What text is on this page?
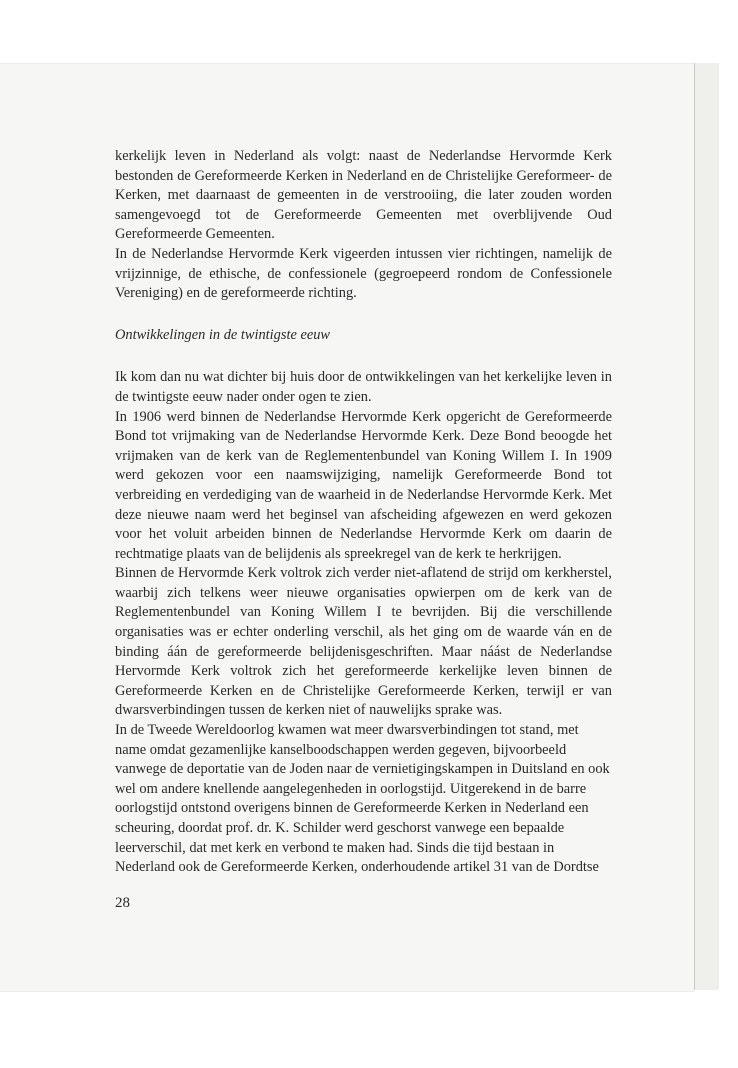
kerkelijk leven in Nederland als volgt: naast de Nederlandse Hervormde Kerk bestonden de Gereformeerde Kerken in Nederland en de Christelijke Gereformeer- de Kerken, met daarnaast de gemeenten in de verstrooiing, die later zouden worden samengevoegd tot de Gereformeerde Gemeenten met overblijvende Oud Gereformeerde Gemeenten.

In de Nederlandse Hervormde Kerk vigeerden intussen vier richtingen, namelijk de vrijzinnige, de ethische, de confessionele (gegroepeerd rondom de Confessionele Vereniging) en de gereformeerde richting.

Ontwikkelingen in de twintigste eeuw

Ik kom dan nu wat dichter bij huis door de ontwikkelingen van het kerkelijke leven in de twintigste eeuw nader onder ogen te zien.

In 1906 werd binnen de Nederlandse Hervormde Kerk opgericht de Gereformeerde Bond tot vrijmaking van de Nederlandse Hervormde Kerk. Deze Bond beoogde het vrijmaken van de kerk van de Reglementenbundel van Koning Willem I. In 1909 werd gekozen voor een naamswijziging, namelijk Gereformeerde Bond tot verbreiding en verdediging van de waarheid in de Nederlandse Hervormde Kerk. Met deze nieuwe naam werd het beginsel van afscheiding afgewezen en werd gekozen voor het voluit arbeiden binnen de Nederlandse Hervormde Kerk om daarin de rechtmatige plaats van de belijdenis als spreekregel van de kerk te herkrijgen.

Binnen de Hervormde Kerk voltrok zich verder niet-aflatend de strijd om kerkherstel, waarbij zich telkens weer nieuwe organisaties opwierpen om de kerk van de Reglementenbundel van Koning Willem I te bevrijden. Bij die verschillende organisaties was er echter onderling verschil, als het ging om de waarde ván en de binding áán de gereformeerde belijdenisgeschriften. Maar náást de Nederlandse Hervormde Kerk voltrok zich het gereformeerde kerkelijke leven binnen de Gereformeerde Kerken en de Christelijke Gereformeerde Kerken, terwijl er van dwarsverbindingen tussen de kerken niet of nauwelijks sprake was.

In de Tweede Wereldoorlog kwamen wat meer dwarsverbindingen tot stand, met name omdat gezamenlijke kanselboodschappen werden gegeven, bijvoorbeeld vanwege de deportatie van de Joden naar de vernietigingskampen in Duitsland en ook wel om andere knellende aangelegenheden in oorlogstijd. Uitgerekend in de barre oorlogstijd ontstond overigens binnen de Gereformeerde Kerken in Nederland een scheuring, doordat prof. dr. K. Schilder werd geschorst vanwege een bepaalde leerverschil, dat met kerk en verbond te maken had. Sinds die tijd bestaan in Nederland ook de Gereformeerde Kerken, onderhoudende artikel 31 van de Dordtse

28
